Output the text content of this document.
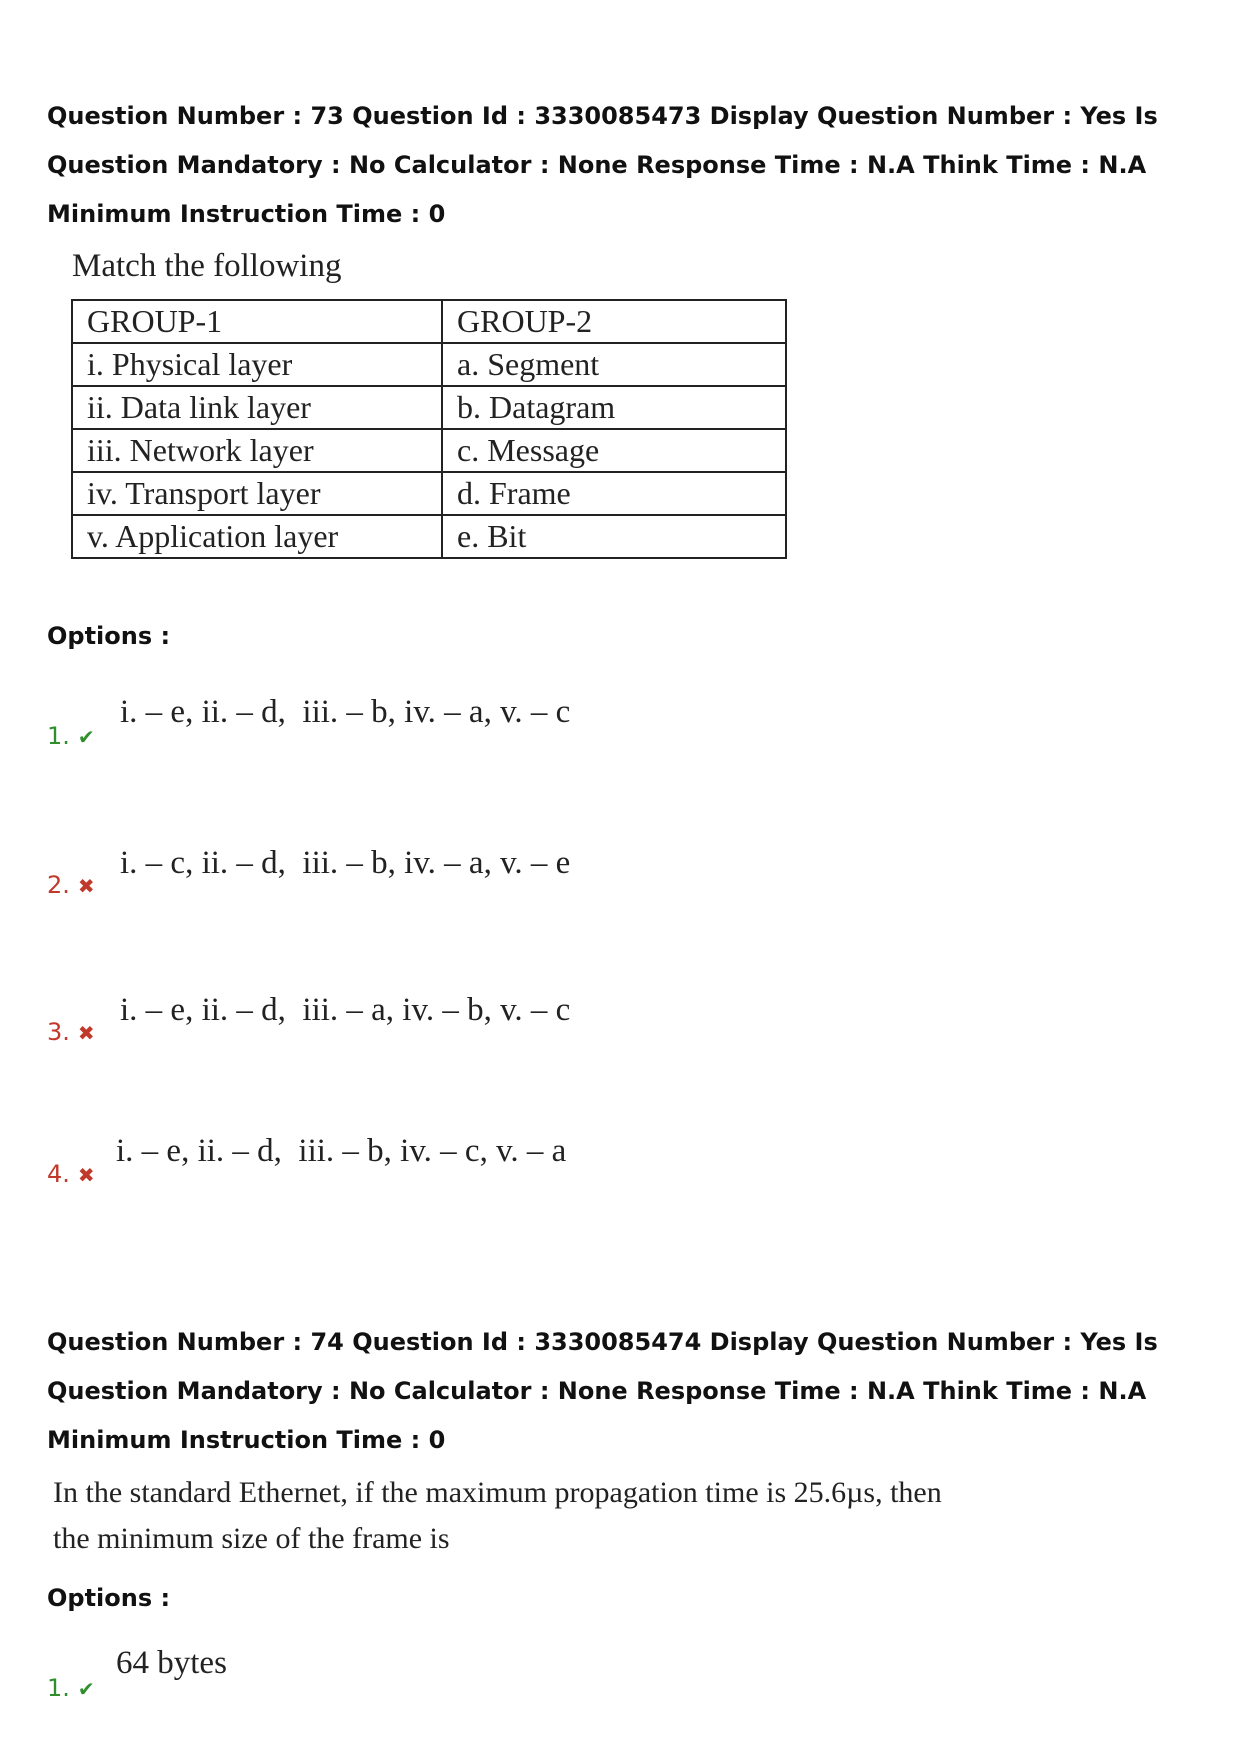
Question Number : 73 Question Id : 3330085473 Display Question Number : Yes Is Question Mandatory : No Calculator : None Response Time : N.A Think Time : N.A Minimum Instruction Time : 0
Match the following
GROUP-1	GROUP-2
i. Physical layer	a. Segment
ii. Data link layer	b. Datagram
iii. Network layer	c. Message
iv. Transport layer	d. Frame
v. Application layer	e. Bit
Options :
1. ✔
i. – e, ii. – d,  iii. – b, iv. – a, v. – c
2. ✖
i. – c, ii. – d,  iii. – b, iv. – a, v. – e
3. ✖
i. – e, ii. – d,  iii. – a, iv. – b, v. – c
4. ✖
i. – e, ii. – d,  iii. – b, iv. – c, v. – a
Question Number : 74 Question Id : 3330085474 Display Question Number : Yes Is Question Mandatory : No Calculator : None Response Time : N.A Think Time : N.A Minimum Instruction Time : 0
In the standard Ethernet, if the maximum propagation time is 25.6µs, then the minimum size of the frame is
Options :
1. ✔
64 bytes
